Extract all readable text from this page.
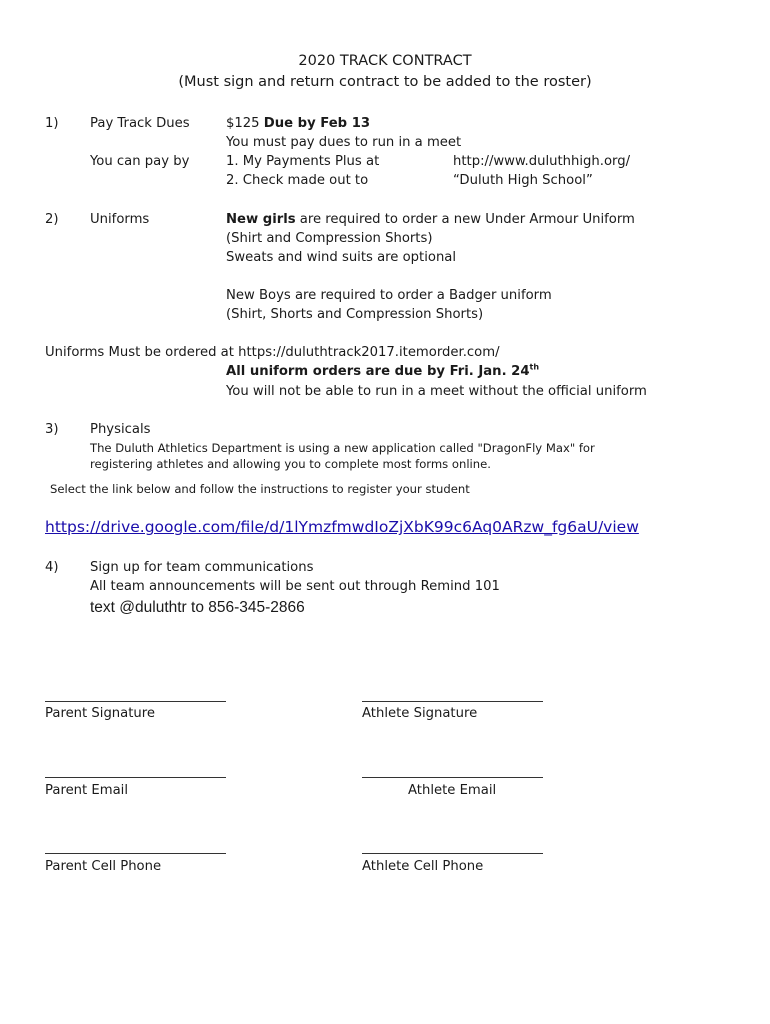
2020 TRACK CONTRACT
(Must sign and return contract to be added to the roster)
1) Pay Track Dues	$125 Due by Feb 13
You must pay dues to run in a meet
You can pay by	1. My Payments Plus at	http://www.duluthhigh.org/
2. Check made out to	“Duluth High School”
2) Uniforms	New girls are required to order a new Under Armour Uniform
(Shirt and Compression Shorts)
Sweats and wind suits are optional
New Boys are required to order a Badger uniform
(Shirt, Shorts and Compression Shorts)
Uniforms Must be ordered at https://duluthtrack2017.itemorder.com/
All uniform orders are due by Fri. Jan. 24th
You will not be able to run in a meet without the official uniform
3) Physicals
The Duluth Athletics Department is using a new application called "DragonFly Max" for
registering athletes and allowing you to complete most forms online.
Select the link below and follow the instructions to register your student
https://drive.google.com/file/d/1lYmzfmwdIoZjXbK99c6Aq0ARzw_fg6aU/view
4) Sign up for team communications
All team announcements will be sent out through Remind 101
text @duluthtr to 856-345-2866
Parent Signature	Athlete Signature
Parent Email	Athlete Email
Parent Cell Phone	Athlete Cell Phone
